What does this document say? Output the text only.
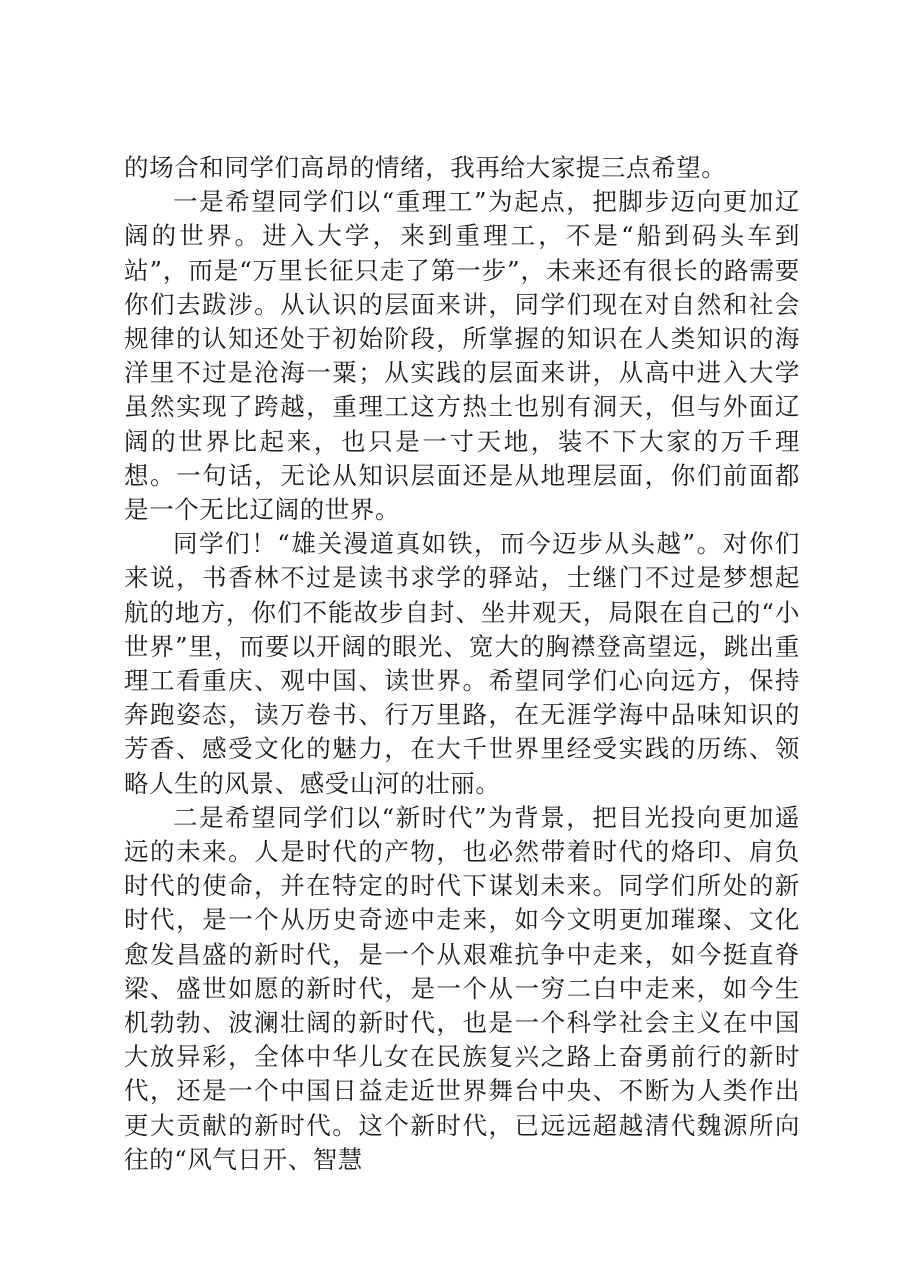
的场合和同学们高昂的情绪，我再给大家提三点希望。

一是希望同学们以“重理工”为起点，把脚步迈向更加辽阔的世界。进入大学，来到重理工，不是“船到码头车到站”，而是“万里长征只走了第一步”，未来还有很长的路需要你们去跋涉。从认识的层面来讲，同学们现在对自然和社会规律的认知还处于初始阶段，所掌握的知识在人类知识的海洋里不过是沧海一粟；从实践的层面来讲，从高中进入大学虽然实现了跨越，重理工这方热土也别有洞天，但与外面辽阔的世界比起来，也只是一寸天地，装不下大家的万千理想。一句话，无论从知识层面还是从地理层面，你们前面都是一个无比辽阔的世界。

同学们！“雄关漫道真如铁，而今迈步从头越”。对你们来说，书香林不过是读书求学的驿站，士继门不过是梦想起航的地方，你们不能故步自封、坐井观天，局限在自己的“小世界”里，而要以开阔的眼光、宽大的胸襟登高望远，跳出重理工看重庆、观中国、读世界。希望同学们心向远方，保持奔跑姿态，读万卷书、行万里路，在无涯学海中品味知识的芳香、感受文化的魅力，在大千世界里经受实践的历练、领略人生的风景、感受山河的壮丽。

二是希望同学们以“新时代”为背景，把目光投向更加遥远的未来。人是时代的产物，也必然带着时代的烙印、肩负时代的使命，并在特定的时代下谋划未来。同学们所处的新时代，是一个从历史奇迹中走来，如今文明更加璀璨、文化愈发昌盛的新时代，是一个从艰难抗争中走来，如今挺直脊梁、盛世如愿的新时代，是一个从一穷二白中走来，如今生机勃勃、波澜壮阔的新时代，也是一个科学社会主义在中国大放异彩，全体中华儿女在民族复兴之路上奋勇前行的新时代，还是一个中国日益走近世界舞台中央、不断为人类作出更大贡献的新时代。这个新时代，已远远超越清代魏源所向往的“风气日开、智慧
